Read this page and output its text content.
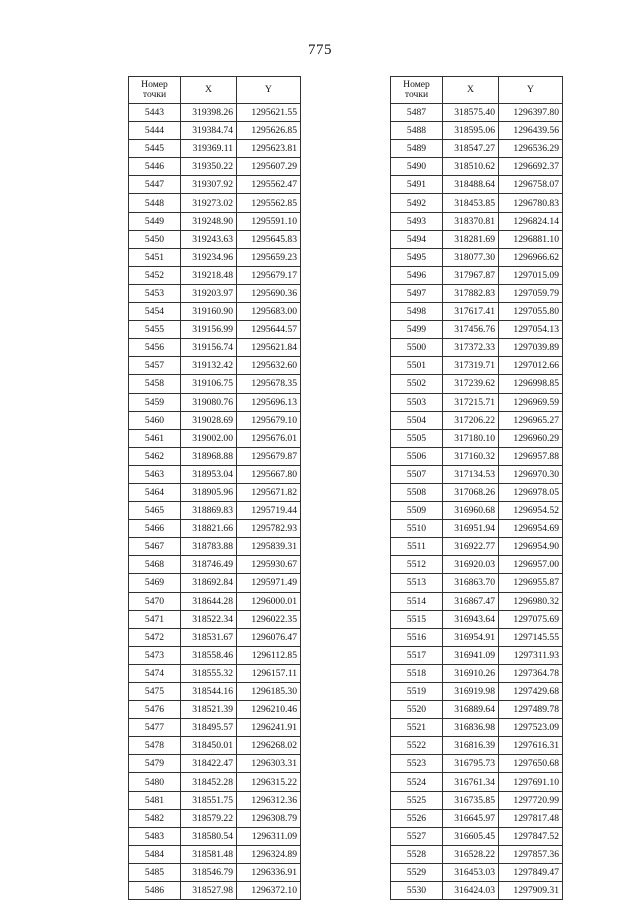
775
Номер
точки	X	Y
5443	319398.26	1295621.55
5444	319384.74	1295626.85
5445	319369.11	1295623.81
5446	319350.22	1295607.29
5447	319307.92	1295562.47
5448	319273.02	1295562.85
5449	319248.90	1295591.10
5450	319243.63	1295645.83
5451	319234.96	1295659.23
5452	319218.48	1295679.17
5453	319203.97	1295690.36
5454	319160.90	1295683.00
5455	319156.99	1295644.57
5456	319156.74	1295621.84
5457	319132.42	1295632.60
5458	319106.75	1295678.35
5459	319080.76	1295696.13
5460	319028.69	1295679.10
5461	319002.00	1295676.01
5462	318968.88	1295679.87
5463	318953.04	1295667.80
5464	318905.96	1295671.82
5465	318869.83	1295719.44
5466	318821.66	1295782.93
5467	318783.88	1295839.31
5468	318746.49	1295930.67
5469	318692.84	1295971.49
5470	318644.28	1296000.01
5471	318522.34	1296022.35
5472	318531.67	1296076.47
5473	318558.46	1296112.85
5474	318555.32	1296157.11
5475	318544.16	1296185.30
5476	318521.39	1296210.46
5477	318495.57	1296241.91
5478	318450.01	1296268.02
5479	318422.47	1296303.31
5480	318452.28	1296315.22
5481	318551.75	1296312.36
5482	318579.22	1296308.79
5483	318580.54	1296311.09
5484	318581.48	1296324.89
5485	318546.79	1296336.91
5486	318527.98	1296372.10
Номер
точки	X	Y
5487	318575.40	1296397.80
5488	318595.06	1296439.56
5489	318547.27	1296536.29
5490	318510.62	1296692.37
5491	318488.64	1296758.07
5492	318453.85	1296780.83
5493	318370.81	1296824.14
5494	318281.69	1296881.10
5495	318077.30	1296966.62
5496	317967.87	1297015.09
5497	317882.83	1297059.79
5498	317617.41	1297055.80
5499	317456.76	1297054.13
5500	317372.33	1297039.89
5501	317319.71	1297012.66
5502	317239.62	1296998.85
5503	317215.71	1296969.59
5504	317206.22	1296965.27
5505	317180.10	1296960.29
5506	317160.32	1296957.88
5507	317134.53	1296970.30
5508	317068.26	1296978.05
5509	316960.68	1296954.52
5510	316951.94	1296954.69
5511	316922.77	1296954.90
5512	316920.03	1296957.00
5513	316863.70	1296955.87
5514	316867.47	1296980.32
5515	316943.64	1297075.69
5516	316954.91	1297145.55
5517	316941.09	1297311.93
5518	316910.26	1297364.78
5519	316919.98	1297429.68
5520	316889.64	1297489.78
5521	316836.98	1297523.09
5522	316816.39	1297616.31
5523	316795.73	1297650.68
5524	316761.34	1297691.10
5525	316735.85	1297720.99
5526	316645.97	1297817.48
5527	316605.45	1297847.52
5528	316528.22	1297857.36
5529	316453.03	1297849.47
5530	316424.03	1297909.31
